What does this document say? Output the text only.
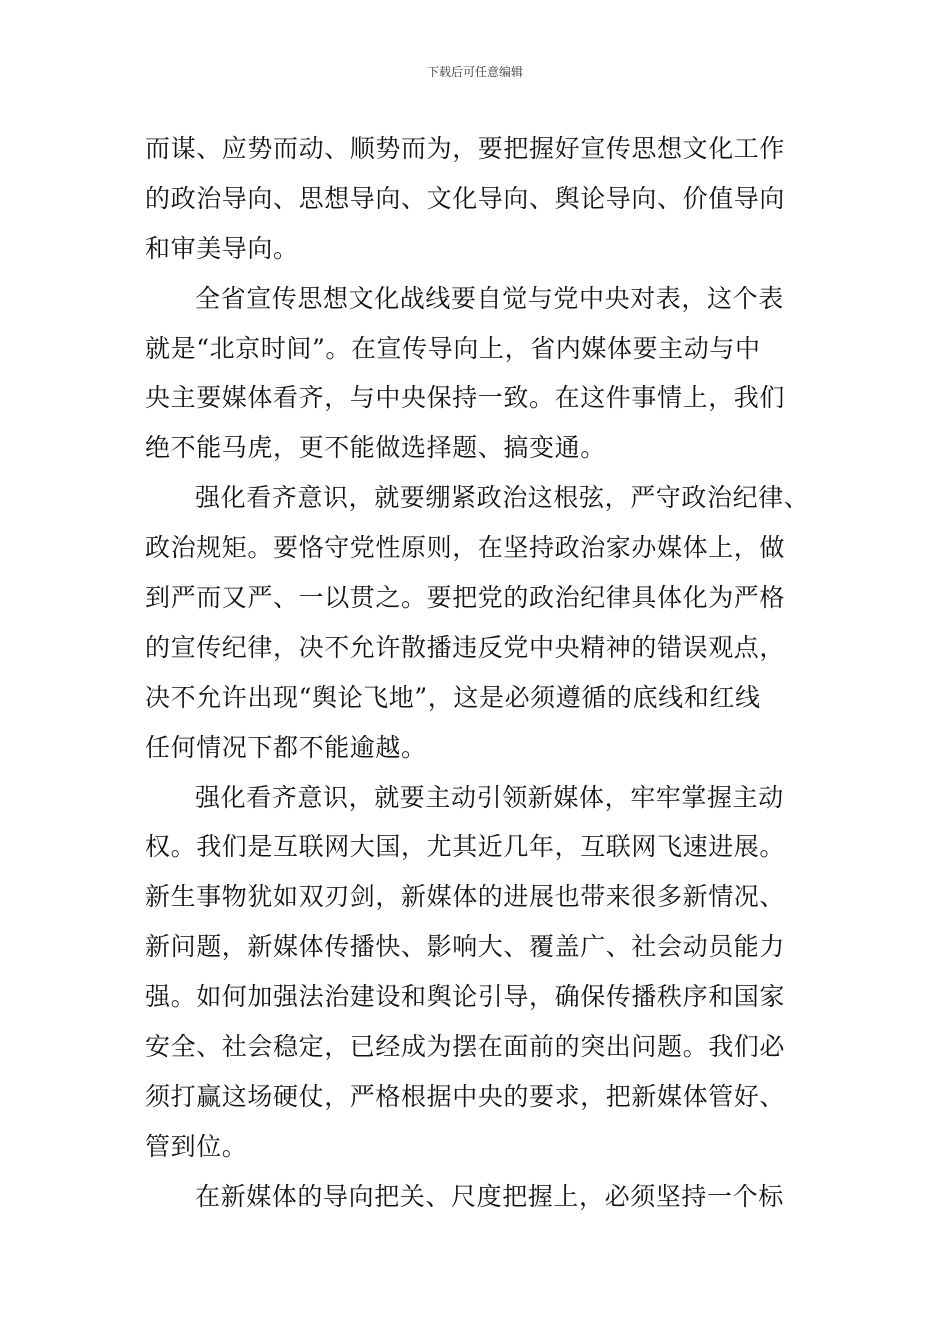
下载后可任意编辑
而谋、应势而动、顺势而为，要把握好宣传思想文化工作
的政治导向、思想导向、文化导向、舆论导向、价值导向
和审美导向。
全省宣传思想文化战线要自觉与党中央对表，这个表
就是“北京时间”。在宣传导向上，省内媒体要主动与中
央主要媒体看齐，与中央保持一致。在这件事情上，我们
绝不能马虎，更不能做选择题、搞变通。
强化看齐意识，就要绷紧政治这根弦，严守政治纪律、
政治规矩。要恪守党性原则，在坚持政治家办媒体上，做
到严而又严、一以贯之。要把党的政治纪律具体化为严格
的宣传纪律，决不允许散播违反党中央精神的错误观点，
决不允许出现“舆论飞地”，这是必须遵循的底线和红线
任何情况下都不能逾越。
强化看齐意识，就要主动引领新媒体，牢牢掌握主动
权。我们是互联网大国，尤其近几年，互联网飞速进展。
新生事物犹如双刃剑，新媒体的进展也带来很多新情况、
新问题，新媒体传播快、影响大、覆盖广、社会动员能力
强。如何加强法治建设和舆论引导，确保传播秩序和国家
安全、社会稳定，已经成为摆在面前的突出问题。我们必
须打赢这场硬仗，严格根据中央的要求，把新媒体管好、
管到位。
在新媒体的导向把关、尺度把握上，必须坚持一个标
